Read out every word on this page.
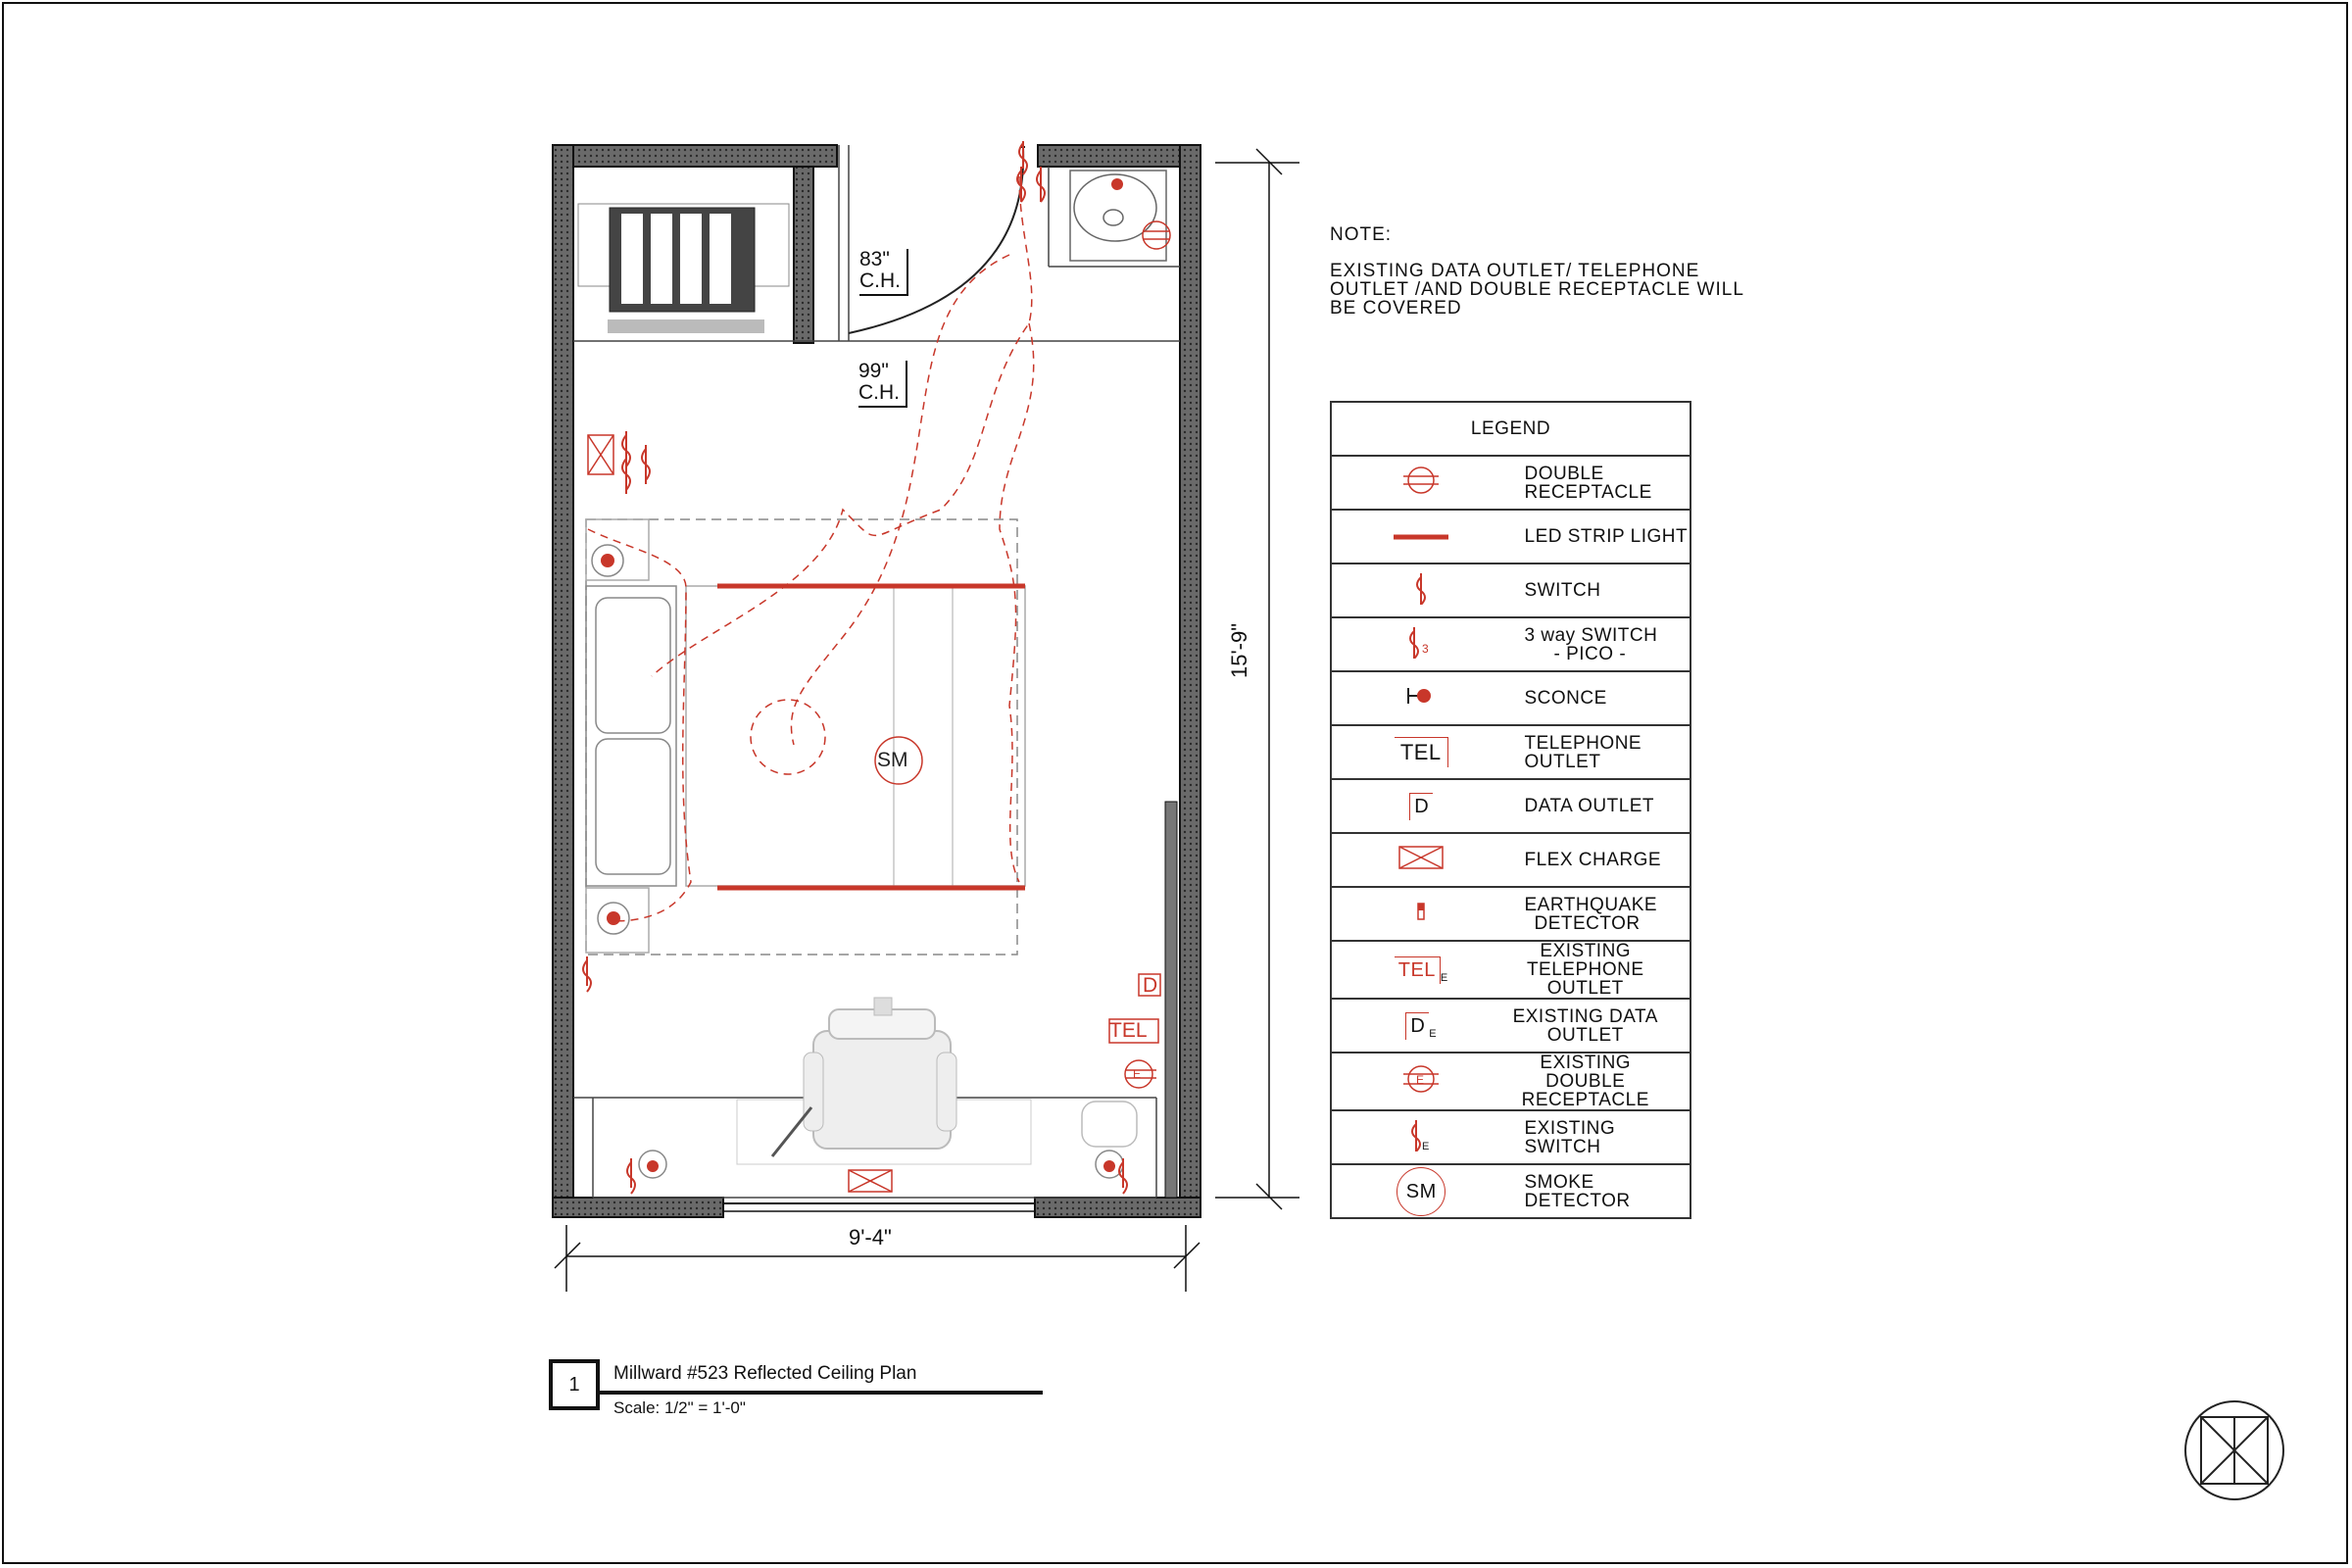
83"
C.H.
99"
C.H.
SM
D
TEL
E
15'-9"
9'-4"
NOTE:
EXISTING DATA OUTLET/ TELEPHONE OUTLET /AND DOUBLE RECEPTACLE WILL BE COVERED
LEGEND	
	DOUBLE RECEPTACLE
	LED STRIP LIGHT
	SWITCH

3	3 way SWITCH
- PICO -

	SCONCE
TEL	TELEPHONE OUTLET
D	DATA OUTLET
	FLEX CHARGE

EARTHQUAKE
DETECTOR

TEL $_E$	EXISTING TELEPHONE
OUTLET

D $_E$	EXISTING DATA
OUTLET

E	EXISTING DOUBLE
RECEPTACLE

E	EXISTING SWITCH
SM	SMOKE DETECTOR
1	Millward #523 Reflected Ceiling Plan
Scale: 1/2" = 1'-0"
